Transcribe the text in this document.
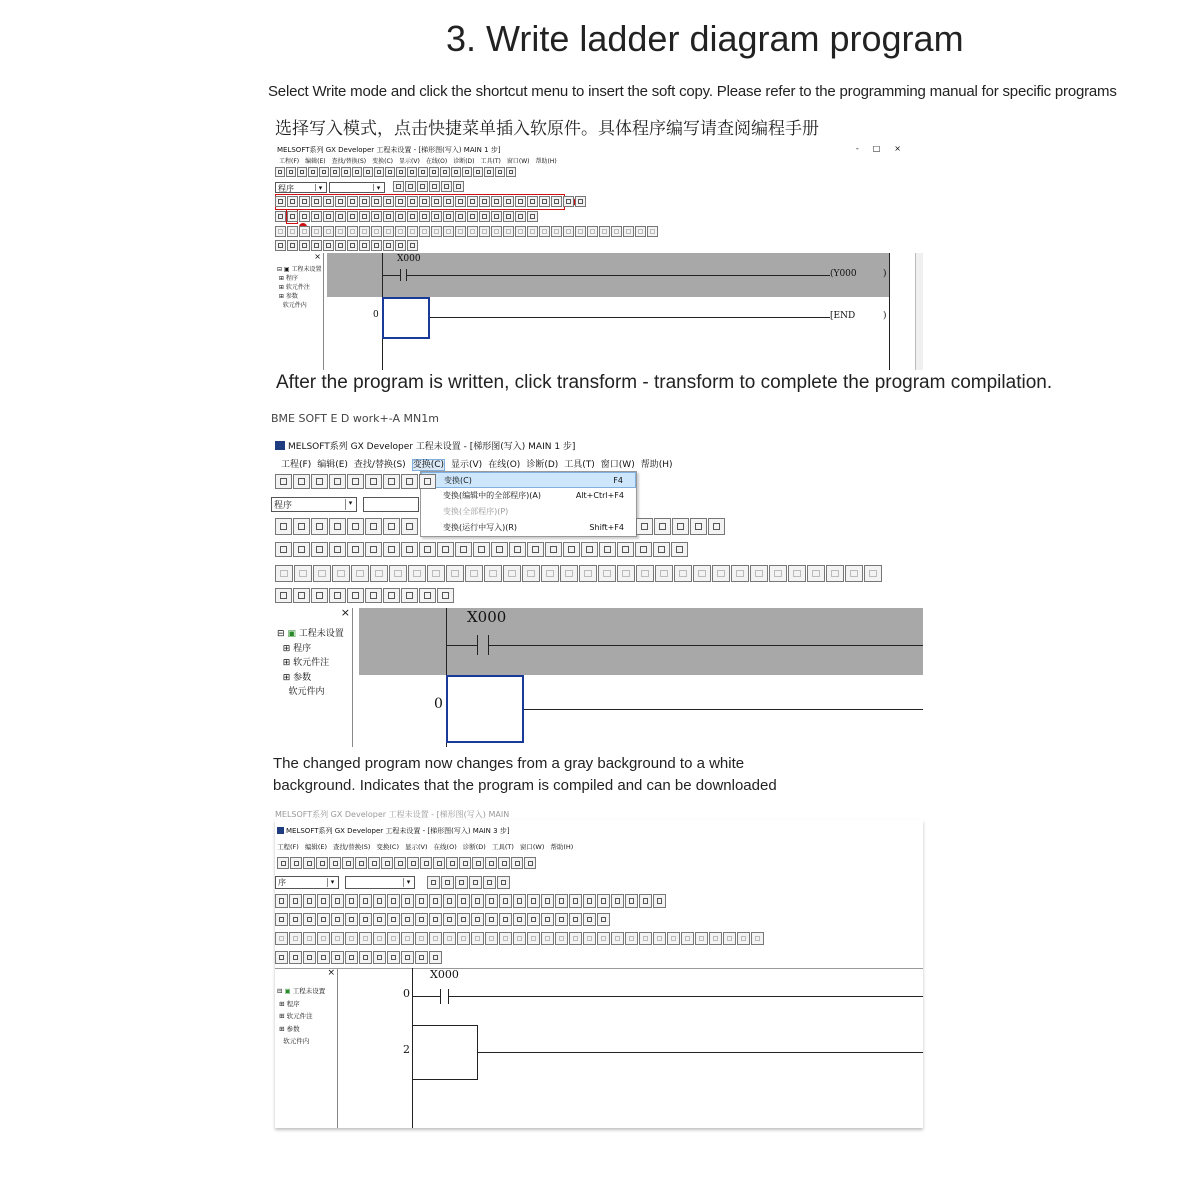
3. Write ladder diagram program
Select Write mode and click the shortcut menu to insert the soft copy. Please refer to the programming manual for specific programs
选择写入模式，点击快捷菜单插入软原件。具体程序编写请查阅编程手册
MELSOFT系列 GX Developer 工程未设置 - [梯形图(写入) MAIN 1 步]	-□×
工程(F) 编辑(E) 查找/替换(S) 变换(C) 显示(V) 在线(O) 诊断(D) 工具(T) 窗口(W) 帮助(H)
程序	▾	▾
×
⊟ ▣ 工程未设置
⊞ 程序
⊞ 软元件注
⊞ 参数
软元件内
X000
(Y000	)
0	[END	)
After the program is written, click transform - transform to complete the program compilation.
BME SOFT E D work+-A MN1m
MELSOFT系列 GX Developer 工程未设置 - [梯形图(写入) MAIN 1 步]
工程(F) 编辑(E) 查找/替换(S) 变换(C) 显示(V) 在线(O) 诊断(D) 工具(T) 窗口(W) 帮助(H)
程序	▾
变换(C)	F4
变换(编辑中的全部程序)(A)	Alt+Ctrl+F4
变换(全部程序)(P)
变换(运行中写入)(R)	Shift+F4
×
⊟ ▣ 工程未设置
⊞ 程序
⊞ 软元件注
⊞ 参数
软元件内
X000
0
The changed program now changes from a gray background to a white
background. Indicates that the program is compiled and can be downloaded
MELSOFT系列 GX Developer 工程未设置 - [梯形图(写入) MAIN
MELSOFT系列 GX Developer 工程未设置 - [梯形图(写入) MAIN 3 步]
工程(F) 编辑(E) 查找/替换(S) 变换(C) 显示(V) 在线(O) 诊断(D) 工具(T) 窗口(W) 帮助(H)
序	▾	▾
×
⊟ ▣ 工程未设置
⊞ 程序
⊞ 软元件注
⊞ 参数
软元件内
X000
0
2
